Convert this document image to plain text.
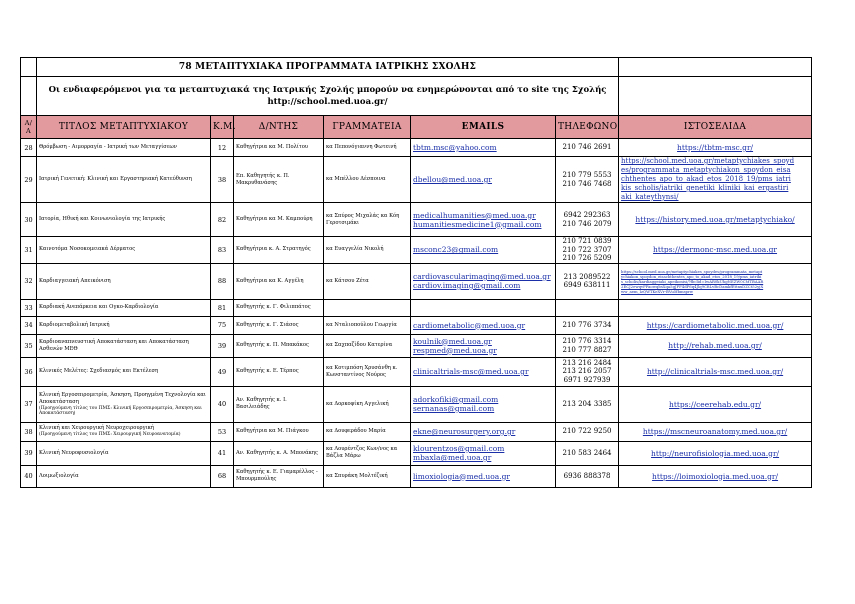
	78 ΜΕΤΑΠΤΥΧΙΑΚΑ ΠΡΟΓΡΑΜΜΑΤΑ ΙΑΤΡΙΚΗΣ ΣΧΟΛΗΣ						

	Οι ενδιαφερόμενοι για τα μεταπτυχιακά της Ιατρικής Σχολής μπορούν να ενημερώνονται από το site της Σχολής
http://school.med.uoa.gr/						

Α/Α	ΤΙΤΛΟΣ ΜΕΤΑΠΤΥΧΙΑΚΟΥ	Κ.Μ.	Δ/ΝΤΗΣ	ΓΡΑΜΜΑΤΕΙΑ	EMAILS	ΤΗΛΕΦΩΝΟ	ΙΣΤΟΣΕΛΙΔΑ
28	Θρόμβωση - Αιμορραγία - Ιατρική των Μεταγγίσεων	12	Καθηγήτρια κα Μ. Πολίτου	κα Πεπονόγιαννη Φωτεινή	tbtm.msc@yahoo.com	210 746 2691	https://tbtm-msc.gr/

29	Ιατρική Γενετική: Κλινική και Εργαστηριακή Κατεύθυνση	38	Επ. Καθηγητής κ. Π. Μακρυθανάσης	κα Μπέλλου Δέσποινα	dbellou@med.uoa.gr	210 779 5553
210 746 7468	https://school.med.uoa.gr/metaptychiakes_spoyd
es/programmata_metaptychiakon_spoydon_eisa
chthentes_apo_to_akad_etos_2018_19/pms_iatri
kis_scholis/iatriki_genetiki_kliniki_kai_ergastiri
aki_kateythynsi/

30	Ιατορία, Ηθική και Κοινωνιολογία της Ιατρικής	82	Καθηγήτρια κα Μ. Καμπούρη	κα Σπύρος Μιχαλάς κα Κόη Γεροτσιμάκι	medicalhumanities@med.uoa.gr
humanitiesmedicine1@gmail.com	6942 292363
210 746 2079	https://history.med.uoa.gr/metaptychiako/

31	Καινοτόμα Νοσοκομειακά Δέρματος	83	Καθηγήτρια κ. Α. Στρατηγός	κα Ευαγγελία Νικολή	msconc23@gmail.com	210 721 0839
210 722 3707
210 726 5209	https://dermonc-msc.med.uoa.gr

32	Καρδιαγγειακή Απεικόνιση	88	Καθηγήτρια κα Κ. Αγγέλη	κα Κάτσου Ζέτα	cardiovascularimaging@med.uoa.gr
cardiov.imaging@gmail.com	213 2089522
6949 638111	https://school.med.uoa.gr/metaptychiakes_spoydes/programmata_metapt
ychiakon_spoydon_eisachthentes_apo_to_akad_etos_2018_19/pms_iatriki
s_scholis/kardiaggeiaki_apeikonisi/?fbclid=IwAR0kUhgNEZW0CMTBAAR
2ECJ2ewqvFFaowqbsXqa5gJFF4dF6q4Jlq9CfiLvBcDamkfEttnxDZCt52yjX
ww_aem_IzQWTKeXVr-BVu5fbmsprw

33	Καρδιακή Ανεπάρκεια και Ογκο-Καρδιολογία	81	Καθηγητής κ. Γ. Φιλιππάτος				
34	Καρδιομεταβολική Ιατρική	75	Καθηγητής κ. Γ. Σιάσος	κα Νταλιοπούλου Γεωργία	cardiometabolic@med.uoa.gr	210 776 3734	https://cardiometabolic.med.uoa.gr/

35	Καρδιοαναπνευστική Αποκατάσταση και Αποκατάσταση Ασθενών ΜΕΘ	39	Καθηγητής κ. Π. Μπακάκος	κα Σαχπαζίδου Κατερίνα	koulnik@med.uoa.gr
respmed@med.uoa.gr	210 776 3314
210 777 8827	http://rehab.med.uoa.gr/

36	Κλινικές Μελέτες: Σχεδιασμός και Εκτέλεση	49	Καθηγητής κ. Ε. Τέρπος	κα Κοτιμπόση Χρυσάνθη κ. Κωνσταντίνος Νούρος	clinicaltrials-msc@med.uoa.gr	213 216 2484
213 216 2057
6971 927939	http://clinicaltrials-msc.med.uoa.gr/

37	Κλινική Εργοσπιρομετρία, Άσκηση, Προηγμένη Τεχνολογία και Αποκατάσταση
(Προηγούμενη τίτλος του ΠΜΣ: Κλινική Εργοσπιρομετρία, Άσκηση και Αποκατάσταση)	40	Αν. Καθηγητής κ. Ι. Βασιλειάδης	κα Δορκοφίκη Αγγελική	adorkofiki@gmail.com
sernanas@gmail.com	213 204 3385	https://ceerehab.edu.gr/

38	Κλινική και Χειρουργική Νευροχειρουργική
(Προηγούμενη τίτλος του ΠΜΣ: Χειρουργική Νευροανατομία)	53	Καθηγήτρια κα Μ. Πιάγκου	κα Δουφεράδου Μαρία	ekne@neurosurgery.org.gr	210 722 9250	https://mscneuroanatomy.med.uoa.gr/

39	Κλινική Νευροφυσιολογία	41	Αν. Καθηγητής κ. Α. Μπονάκης	κα Λουρέντζος Κων/νος κα Βάζλα Μάρω	klourentzos@gmail.com
mbaxla@med.uoa.gr	210 583 2464	http://neurofisiologia.med.uoa.gr/

40	Λοιμωξιολογία	68	Καθηγητής κ. Ε. Γιαμαρέλλος - Μπουρμπούλης	κα Σπυράκη Μολτέζική	limoxiologia@med.uoa.gr	6936 888378	https://loimoxiologia.med.uoa.gr/
